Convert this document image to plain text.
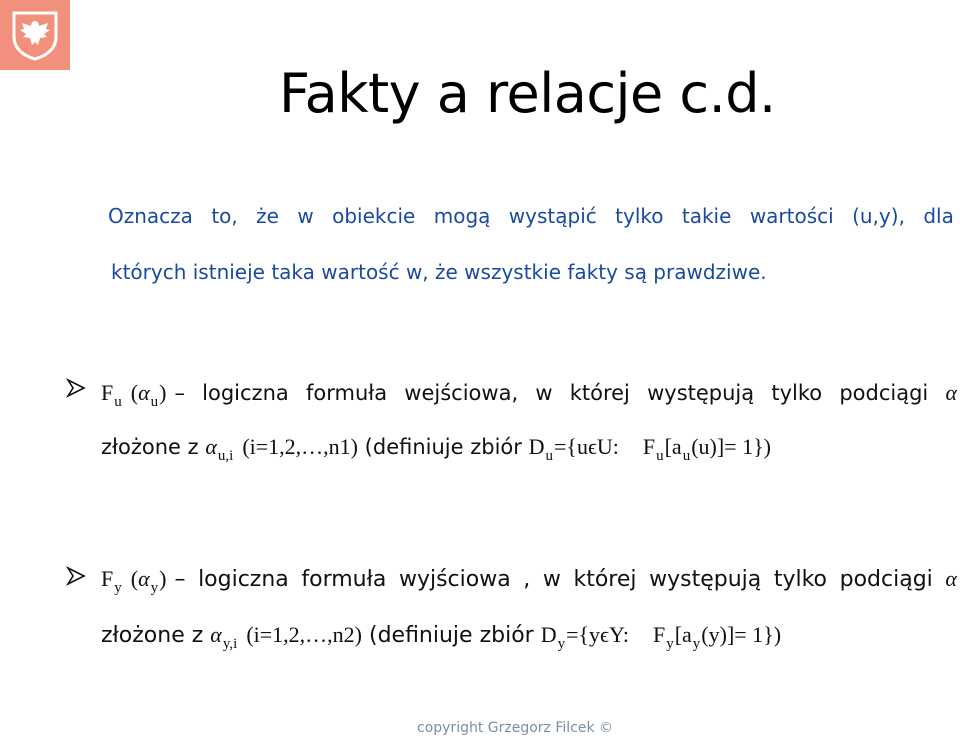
Fakty a relacje c.d.
Oznacza to, że w obiekcie mogą wystąpić tylko takie wartości (u,y), dla
których istnieje taka wartość w, że wszystkie fakty są prawdziwe.
F u ( α u ) – logiczna formuła wejściowa, w której występują tylko podciągi α
złożone z
α u,i (i=1,2,…,n1)
(definiuje zbiór
D u ={uϵU: F u [a u (u)]= 1})
F y ( α y ) – logiczna formuła wyjściowa , w której występują tylko podciągi α
złożone z
α y,i (i=1,2,…,n2)
(definiuje zbiór
D y ={yϵY: F y [a y (y)]= 1})
copyright Grzegorz Filcek ©
